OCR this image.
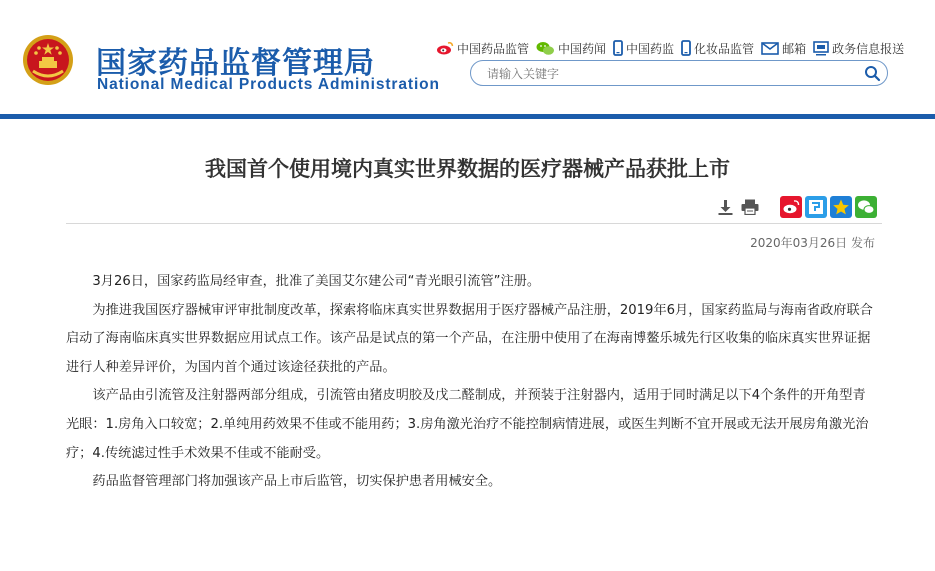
国家药品监督管理局
National Medical Products Administration
中国药品监管 中国药闻 中国药监 化妆品监管 邮箱 政务信息报送
请输入关键字
我国首个使用境内真实世界数据的医疗器械产品获批上市
2020年03月26日 发布

3月26日，国家药监局经审查，批准了美国艾尔建公司“青光眼引流管”注册。

为推进我国医疗器械审评审批制度改革，探索将临床真实世界数据用于医疗器械产品注册，2019年6月，国家药监局与海南省政府联合启动了海南临床真实世界数据应用试点工作。该产品是试点的第一个产品，在注册中使用了在海南博鳌乐城先行区收集的临床真实世界证据进行人种差异评价，为国内首个通过该途径获批的产品。

该产品由引流管及注射器两部分组成，引流管由猪皮明胶及戊二醛制成，并预装于注射器内，适用于同时满足以下4个条件的开角型青光眼：1.房角入口较宽；2.单纯用药效果不佳或不能用药；3.房角激光治疗不能控制病情进展，或医生判断不宜开展或无法开展房角激光治疗；4.传统滤过性手术效果不佳或不能耐受。

药品监督管理部门将加强该产品上市后监管，切实保护患者用械安全。
